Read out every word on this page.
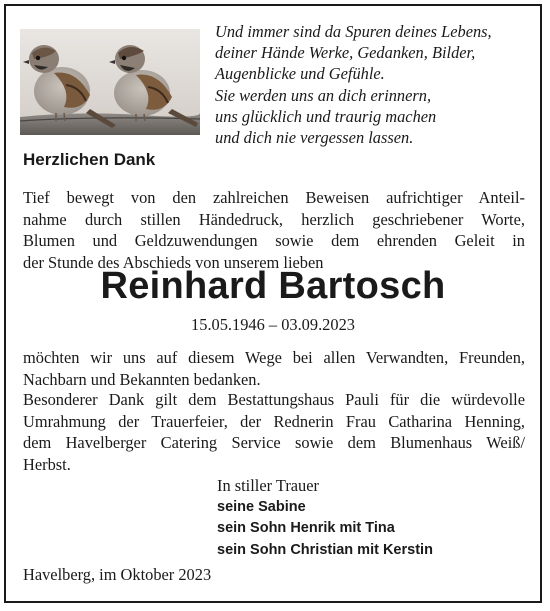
Und immer sind da Spuren deines Lebens,
deiner Hände Werke, Gedanken, Bilder,
Augenblicke und Gefühle.
Sie werden uns an dich erinnern,
uns glücklich und traurig machen
und dich nie vergessen lassen.
Herzlichen Dank
Tief bewegt von den zahlreichen Beweisen aufrichtiger Anteil-
nahme durch stillen Händedruck, herzlich geschriebener Worte,
Blumen und Geldzuwendungen sowie dem ehrenden Geleit in
der Stunde des Abschieds von unserem lieben
Reinhard Bartosch
15.05.1946 – 03.09.2023
möchten wir uns auf diesem Wege bei allen Verwandten, Freunden,
Nachbarn und Bekannten bedanken.
Besonderer Dank gilt dem Bestattungshaus Pauli für die würdevolle
Umrahmung der Trauerfeier, der Rednerin Frau Catharina Henning,
dem Havelberger Catering Service sowie dem Blumenhaus Weiß/
Herbst.
In stiller Trauer
seine Sabine
sein Sohn Henrik mit Tina
sein Sohn Christian mit Kerstin
Havelberg, im Oktober 2023
